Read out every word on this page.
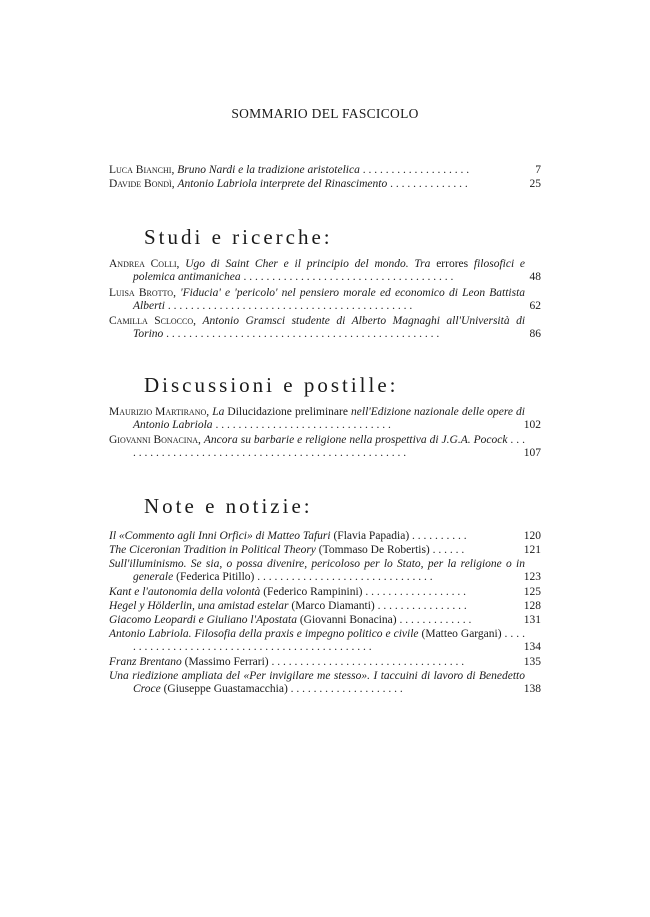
SOMMARIO DEL FASCICOLO
Luca Bianchi, Bruno Nardi e la tradizione aristotelica . . . . . . . . . . . . . . . . . . .	7
Davide Bondì, Antonio Labriola interprete del Rinascimento . . . . . . . . . . . . . .	25
Studi e ricerche:
Andrea Colli, Ugo di Saint Cher e il principio del mondo. Tra errores filosofici e polemica antimanichea . . . . . . . . . . . . . . . . . . . . . . . . . . . . . . . . . . . . .	48
Luisa Brotto, 'Fiducia' e 'pericolo' nel pensiero morale ed economico di Leon Battista Alberti . . . . . . . . . . . . . . . . . . . . . . . . . . . . . . . . . . . . . . . . . . .	62
Camilla Sclocco, Antonio Gramsci studente di Alberto Magnaghi all'Università di Torino . . . . . . . . . . . . . . . . . . . . . . . . . . . . . . . . . . . . . . . . . . . . . . . .	86
Discussioni e postille:
Maurizio Martirano, La Dilucidazione preliminare nell'Edizione nazionale delle opere di Antonio Labriola . . . . . . . . . . . . . . . . . . . . . . . . . . . . . . .	102
Giovanni Bonacina, Ancora su barbarie e religione nella prospettiva di J.G.A. Pocock . . . . . . . . . . . . . . . . . . . . . . . . . . . . . . . . . . . . . . . . . . . . . . . . . . .	107
Note e notizie:
Il «Commento agli Inni Orfici» di Matteo Tafuri (Flavia Papadia) . . . . . . . . . .	120
The Ciceronian Tradition in Political Theory (Tommaso De Robertis) . . . . . .	121
Sull'illuminismo. Se sia, o possa divenire, pericoloso per lo Stato, per la religione o in generale (Federica Pitillo) . . . . . . . . . . . . . . . . . . . . . . . . . . . . . . .	123
Kant e l'autonomia della volontà (Federico Rampinini) . . . . . . . . . . . . . . . . . .	125
Hegel y Hölderlin, una amistad estelar (Marco Diamanti) . . . . . . . . . . . . . . . .	128
Giacomo Leopardi e Giuliano l'Apostata (Giovanni Bonacina) . . . . . . . . . . . . .	131
Antonio Labriola. Filosofia della praxis e impegno politico e civile (Matteo Gargani) . . . . . . . . . . . . . . . . . . . . . . . . . . . . . . . . . . . . . . . . . . . . . .	134
Franz Brentano (Massimo Ferrari) . . . . . . . . . . . . . . . . . . . . . . . . . . . . . . . . . .	135
Una riedizione ampliata del «Per invigilare me stesso». I taccuini di lavoro di Benedetto Croce (Giuseppe Guastamacchia) . . . . . . . . . . . . . . . . . . . .	138
